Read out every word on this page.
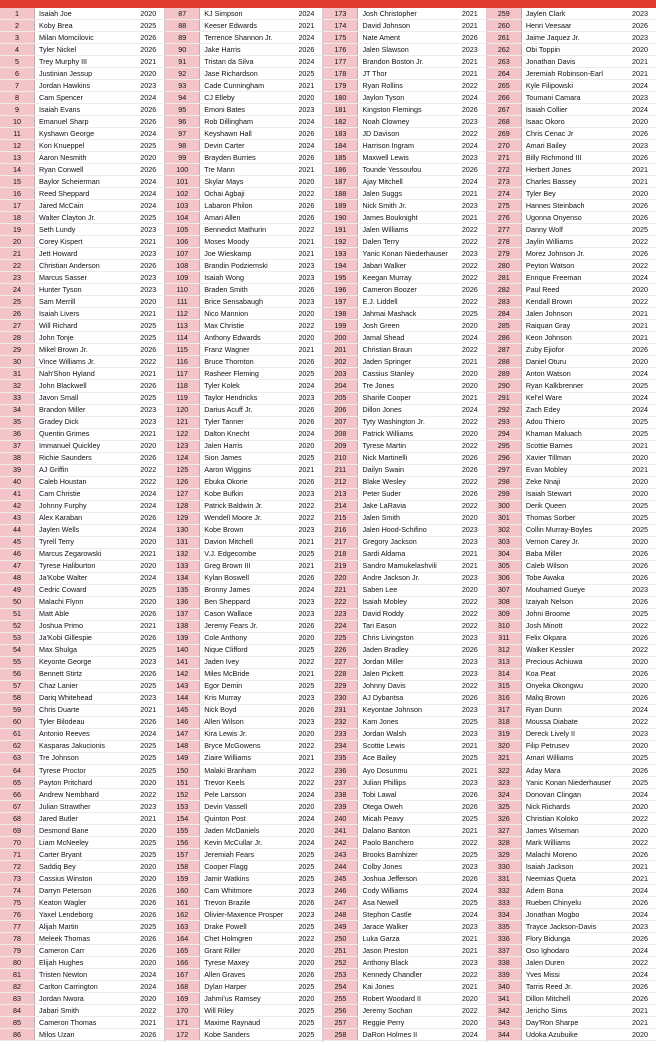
1	Isaiah Joe	2020
2	Koby Brea	2025
3	Milan Momcilovic	2026
4	Tyler Nickel	2026
5	Trey Murphy III	2021
6	Justinian Jessup	2020
7	Jordan Hawkins	2023
8	Cam Spencer	2024
9	Isaiah Evans	2026
10	Emanuel Sharp	2026
11	Kyshawn George	2024
12	Kon Knueppel	2025
13	Aaron Nesmith	2020
14	Ryan Conwell	2026
15	Baylor Scheierman	2024
16	Reed Sheppard	2024
17	Jared McCain	2024
18	Walter Clayton Jr.	2025
19	Seth Lundy	2023
20	Corey Kispert	2021
21	Jett Howard	2023
22	Christian Anderson	2026
23	Marcus Sasser	2023
24	Hunter Tyson	2023
25	Sam Merrill	2020
26	Isaiah Livers	2021
27	Will Richard	2025
28	John Tonje	2025
29	Mikel Brown Jr.	2026
30	Vince Williams Jr.	2022
31	Nah'Shon Hyland	2021
32	John Blackwell	2026
33	Javon Small	2025
34	Brandon Miller	2023
35	Gradey Dick	2023
36	Quentin Grimes	2021
37	Immanuel Quickley	2020
38	Richie Saunders	2026
39	AJ Griffin	2022
40	Caleb Houstan	2022
41	Cam Christie	2024
42	Johnny Furphy	2024
43	Alex Karaban	2026
44	Jaylen Wells	2024
45	Tyrell Terry	2020
46	Marcus Zegarowski	2021
47	Tyrese Haliburton	2020
48	Ja'Kobe Walter	2024
49	Cedric Coward	2025
50	Malachi Flynn	2020
51	Matt Able	2026
52	Joshua Primo	2021
53	Ja'Kobi Gillespie	2026
54	Max Shulga	2025
55	Keyonte George	2023
56	Bennett Stirtz	2026
57	Chaz Lanier	2025
58	Dariq Whitehead	2023
59	Chris Duarte	2021
60	Tyler Bilodeau	2026
61	Antonio Reeves	2024
62	Kasparas Jakucionis	2025
63	Tre Johnson	2025
64	Tyrese Proctor	2025
65	Payton Pritchard	2020
66	Andrew Nembhard	2022
67	Julian Strawther	2023
68	Jared Butler	2021
69	Desmond Bane	2020
70	Liam McNeeley	2025
71	Carter Bryant	2025
72	Saddiq Bey	2020
73	Cassius Winston	2020
74	Darryn Peterson	2026
75	Keaton Wagler	2026
76	Yaxel Lendeborg	2026
77	Alijah Martin	2025
78	Meleek Thomas	2026
79	Cameron Carr	2026
80	Elijah Hughes	2020
81	Tristen Newton	2024
82	Carlton Carrington	2024
83	Jordan Nwora	2020
84	Jabari Smith	2022
85	Cameron Thomas	2021
86	Milos Uzan	2026
87	KJ Simpson	2024
88	Keeser Edwards	2021
89	Terrence Shannon Jr.	2024
90	Jake Harris	2026
91	Tristan da Silva	2024
92	Jase Richardson	2025
93	Cade Cunningham	2021
94	CJ Elleby	2020
95	Emoni Bates	2023
96	Rob Dillingham	2024
97	Keyshawn Hall	2026
98	Devin Carter	2024
99	Brayden Burries	2026
100	Tre Mann	2021
101	Skylar Mays	2020
102	Ochai Agbaji	2022
103	Labaron Philon	2026
104	Amari Allen	2026
105	Bennedict Mathurin	2022
106	Moses Moody	2021
107	Joe Wieskamp	2021
108	Brandin Podziemski	2023
109	Isaiah Wong	2023
110	Braden Smith	2026
111	Brice Sensabaugh	2023
112	Nico Mannion	2020
113	Max Christie	2022
114	Anthony Edwards	2020
115	Franz Wagner	2021
116	Bruce Thornton	2026
117	Rasheer Fleming	2025
118	Tyler Kolek	2024
119	Taylor Hendricks	2023
120	Darius Acuff Jr.	2026
121	Tyler Tanner	2026
122	Dalton Knecht	2024
123	Jalen Harris	2020
124	Sion James	2025
125	Aaron Wiggins	2021
126	Ebuka Okorie	2026
127	Kobe Bufkin	2023
128	Patrick Baldwin Jr.	2022
129	Wendell Moore Jr.	2022
130	Kobe Brown	2023
131	Davion Mitchell	2021
132	V.J. Edgecombe	2025
133	Greg Brown III	2021
134	Kylan Boswell	2026
135	Bronny James	2024
136	Ben Sheppard	2023
137	Cason Wallace	2023
138	Jeremy Fears Jr.	2026
139	Cole Anthony	2020
140	Nique Clifford	2025
141	Jaden Ivey	2022
142	Miles McBride	2021
143	Egor Demin	2025
144	Kris Murray	2023
145	Nick Boyd	2026
146	Allen Wilson	2023
147	Kira Lewis Jr.	2020
148	Bryce McGowens	2022
149	Ziaire Williams	2021
150	Malaki Branham	2022
151	Trevor Keels	2022
152	Pele Larsson	2024
153	Devin Vassell	2020
154	Quinton Post	2024
155	Jaden McDaniels	2020
156	Kevin McCullar Jr.	2024
157	Jeremiah Fears	2025
158	Cooper Flagg	2025
159	Jamir Watkins	2025
160	Cam Whitmore	2023
161	Trevon Brazile	2026
162	Olivier-Maxence Prosper	2023
163	Drake Powell	2025
164	Chet Holmgren	2022
165	Grant Riller	2020
166	Tyrese Maxey	2020
167	Allen Graves	2026
168	Dylan Harper	2025
169	Jahmi'us Ramsey	2020
170	Will Riley	2025
171	Maxime Raynaud	2025
172	Kobe Sanders	2025
173	Josh Christopher	2021
174	David Johnson	2021
175	Nate Ament	2026
176	Jalen Slawson	2023
177	Brandon Boston Jr.	2021
178	JT Thor	2021
179	Ryan Rollins	2022
180	Jaylon Tyson	2024
181	Kingston Flemings	2026
182	Noah Clowney	2023
183	JD Davison	2022
184	Harrison Ingram	2024
185	Maxwell Lewis	2023
186	Tounde Yessoufou	2026
187	Ajay Mitchell	2024
188	Jalen Suggs	2021
189	Nick Smith Jr.	2023
190	James Bouknight	2021
191	Jalen Williams	2022
192	Dalen Terry	2022
193	Yanic Konan Niederhauser	2023
194	Jabari Walker	2022
195	Keegan Murray	2022
196	Cameron Boozer	2026
197	E.J. Liddell	2022
198	Jahmai Mashack	2025
199	Josh Green	2020
200	Jamal Shead	2024
201	Christian Braun	2022
202	Jaden Springer	2021
203	Cassius Stanley	2020
204	Tre Jones	2020
205	Sharife Cooper	2021
206	Dillon Jones	2024
207	Tyty Washington Jr.	2022
208	Patrick Williams	2020
209	Tyrese Martin	2022
210	Nick Martinelli	2026
211	Dailyn Swain	2026
212	Blake Wesley	2022
213	Peter Suder	2026
214	Jake LaRavia	2022
215	Jalen Smith	2020
216	Jalen Hood-Schifino	2023
217	Gregory Jackson	2023
218	Sardi Aldama	2021
219	Sandro Mamukelashvili	2021
220	Andre Jackson Jr.	2023
221	Saben Lee	2020
222	Isaiah Mobley	2022
223	David Roddy	2022
224	Tari Eason	2022
225	Chris Livingston	2023
226	Jaden Bradley	2026
227	Jordan Miller	2023
228	Jalen Pickett	2023
229	Johnny Davis	2022
230	AJ Dybantsa	2026
231	Keyontae Johnson	2023
232	Kam Jones	2025
233	Jordan Walsh	2023
234	Scottie Lewis	2021
235	Ace Bailey	2025
236	Ayo Dosunmu	2021
237	Julian Phillips	2023
238	Tobi Lawal	2026
239	Otega Oweh	2026
240	Micah Peavy	2025
241	Dalano Banton	2021
242	Paolo Banchero	2022
243	Brooks Barnhizer	2025
244	Colby Jones	2023
245	Joshua Jefferson	2026
246	Cody Williams	2024
247	Asa Newell	2025
248	Stephon Castle	2024
249	Jarace Walker	2023
250	Luka Garza	2021
251	Jason Preston	2021
252	Anthony Black	2023
253	Kennedy Chandler	2022
254	Kai Jones	2021
255	Robert Woodard II	2020
256	Jeremy Sochan	2022
257	Reggie Perry	2020
258	DaRon Holmes II	2024
259	Jaylen Clark	2023
260	Henri Veesaar	2026
261	Jaime Jaquez Jr.	2023
262	Obi Toppin	2020
263	Jonathan Davis	2021
264	Jeremiah Robinson-Earl	2021
265	Kyle Filipowski	2024
266	Toumani Camara	2023
267	Isaiah Collier	2024
268	Isaac Okoro	2020
269	Chris Cenac Jr	2026
270	Amari Bailey	2023
271	Billy Richmond III	2026
272	Herbert Jones	2021
273	Charles Bassey	2021
274	Tyler Bey	2020
275	Hannes Steinbach	2026
276	Ugonna Onyenso	2026
277	Danny Wolf	2025
278	Jaylin Williams	2022
279	Morez Johnson Jr.	2026
280	Peyton Watson	2022
281	Enrique Freeman	2024
282	Paul Reed	2020
283	Kendall Brown	2022
284	Jalen Johnson	2021
285	Raiquan Gray	2021
286	Keon Johnson	2021
287	Zuby Ejiofor	2026
288	Daniel Oturu	2020
289	Anton Watson	2024
290	Ryan Kalkbrenner	2025
291	Kel'el Ware	2024
292	Zach Edey	2024
293	Adou Thiero	2025
294	Khaman Maluach	2025
295	Scottie Barnes	2021
296	Xavier Tillman	2020
297	Evan Mobley	2021
298	Zeke Nnaji	2020
299	Isaiah Stewart	2020
300	Derik Queen	2025
301	Thomas Sorber	2025
302	Collin Murray-Boyles	2025
303	Vernon Carey Jr.	2020
304	Baba Miller	2026
305	Caleb Wilson	2026
306	Tobe Awaka	2026
307	Mouhamed Gueye	2023
308	Izaiyah Nelson	2026
309	Johni Broome	2025
310	Josh Minott	2022
311	Felix Okpara	2026
312	Walker Kessler	2022
313	Precious Achiuwa	2020
314	Koa Peat	2026
315	Onyeka Okongwu	2020
316	Maliq Brown	2026
317	Ryan Dunn	2024
318	Moussa Diabate	2022
319	Dereck Lively II	2023
320	Filip Petrusev	2020
321	Amari Williams	2025
322	Aday Mara	2026
323	Yanic Konan Niederhauser	2025
324	Donovan Clingan	2024
325	Nick Richards	2020
326	Christian Koloko	2022
327	James Wiseman	2020
328	Mark Williams	2022
329	Malachi Moreno	2026
330	Isaiah Jackson	2021
331	Neemias Queta	2021
332	Adem Bona	2024
333	Rueben Chinyelu	2026
334	Jonathan Mogbo	2024
335	Trayce Jackson-Davis	2023
336	Flory Bidunga	2026
337	Oso Ighodaro	2024
338	Jalen Duren	2022
339	Yves Missi	2024
340	Tarris Reed Jr.	2026
341	Dillon Mitchell	2026
342	Jericho Sims	2021
343	Day'Ron Sharpe	2021
344	Udoka Azubuike	2020
